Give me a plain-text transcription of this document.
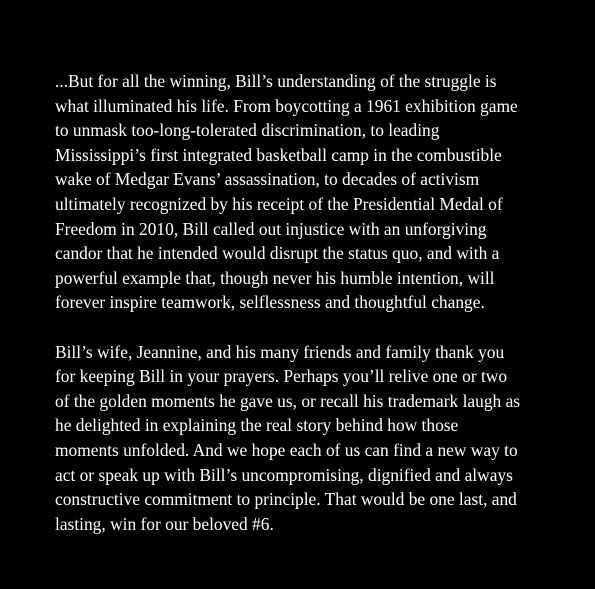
...But for all the winning, Bill’s understanding of the struggle is
what illuminated his life. From boycotting a 1961 exhibition game
to unmask too-long-tolerated discrimination, to leading
Mississippi’s first integrated basketball camp in the combustible
wake of Medgar Evans’ assassination, to decades of activism
ultimately recognized by his receipt of the Presidential Medal of
Freedom in 2010, Bill called out injustice with an unforgiving
candor that he intended would disrupt the status quo, and with a
powerful example that, though never his humble intention, will
forever inspire teamwork, selflessness and thoughtful change.

Bill’s wife, Jeannine, and his many friends and family thank you
for keeping Bill in your prayers. Perhaps you’ll relive one or two
of the golden moments he gave us, or recall his trademark laugh as
he delighted in explaining the real story behind how those
moments unfolded. And we hope each of us can find a new way to
act or speak up with Bill’s uncompromising, dignified and always
constructive commitment to principle. That would be one last, and
lasting, win for our beloved #6.
